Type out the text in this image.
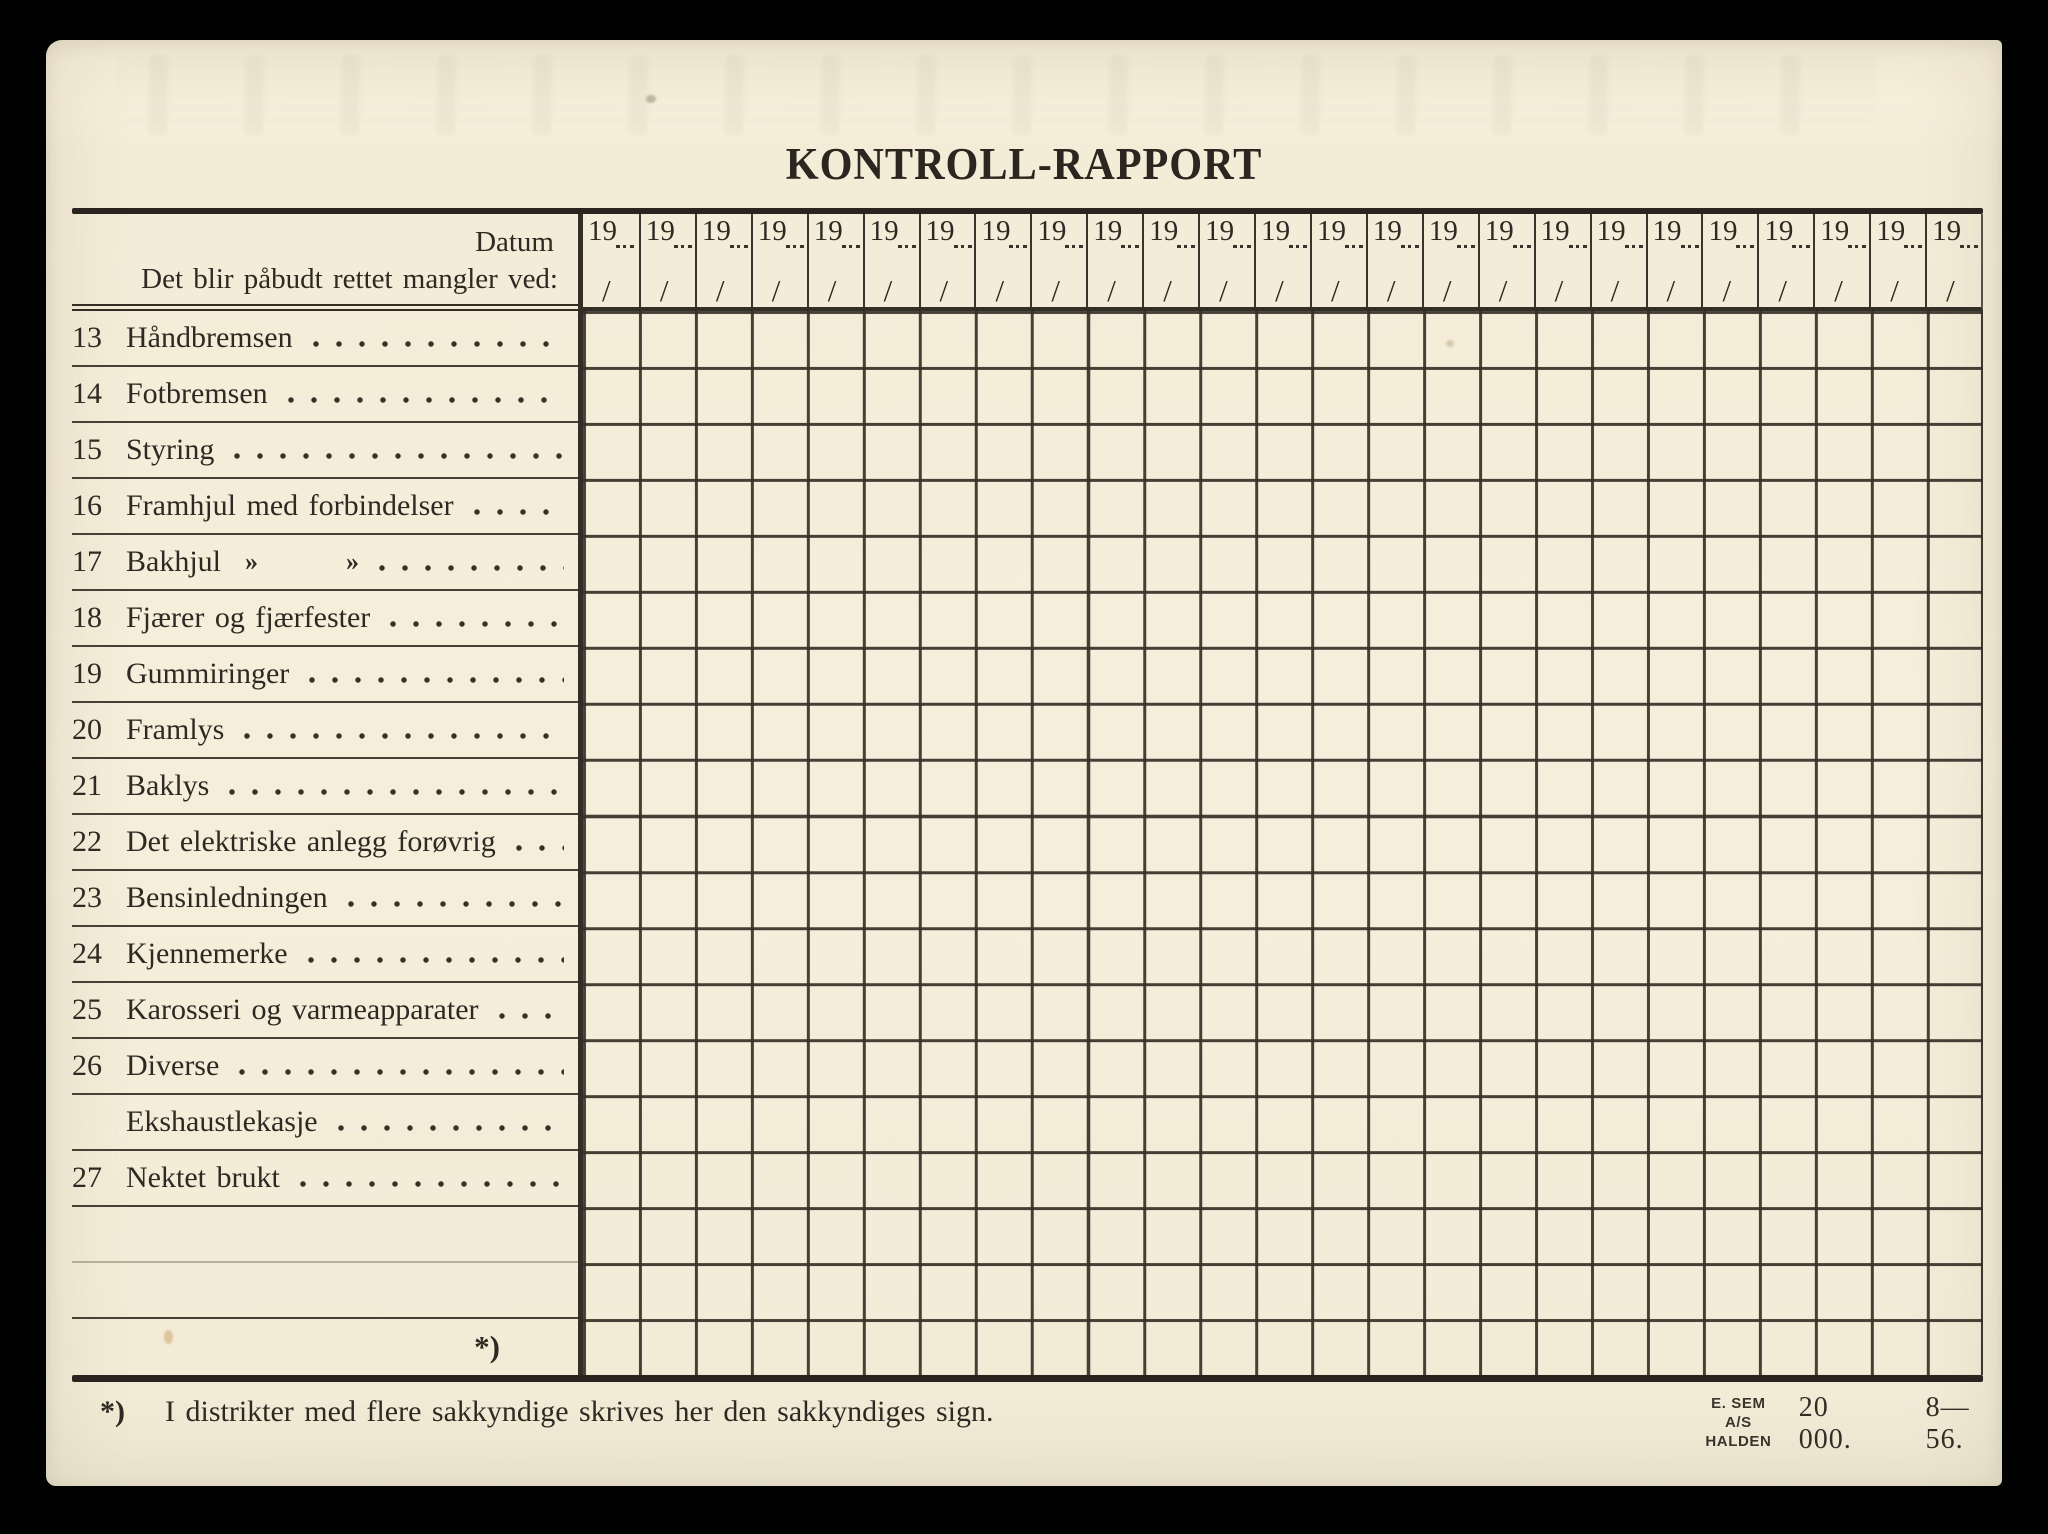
KONTROLL-RAPPORT
Datum
Det blir påbudt rettet mangler ved:
19
/
19
/
19
/
19
/
19
/
19
/
19
/
19
/
19
/
19
/
19
/
19
/
19
/
19
/
19
/
19
/
19
/
19
/
19
/
19
/
19
/
19
/
19
/
19
/
19
/
13 Håndbremsen
14 Fotbremsen
15 Styring
16 Framhjul med forbindelser
17 Bakhjul »	»
18 Fjærer og fjærfester
19 Gummiringer
20 Framlys
21 Baklys
22 Det elektriske anlegg forøvrig
23 Bensinledningen
24 Kjennemerke
25 Karosseri og varmeapparater
26 Diverse
Ekshaustlekasje
27 Nektet brukt
*)
*) I distrikter med flere sakkyndige skrives her den sakkyndiges sign.	E. SEM A/S
HALDEN
20 000.
8—56.
